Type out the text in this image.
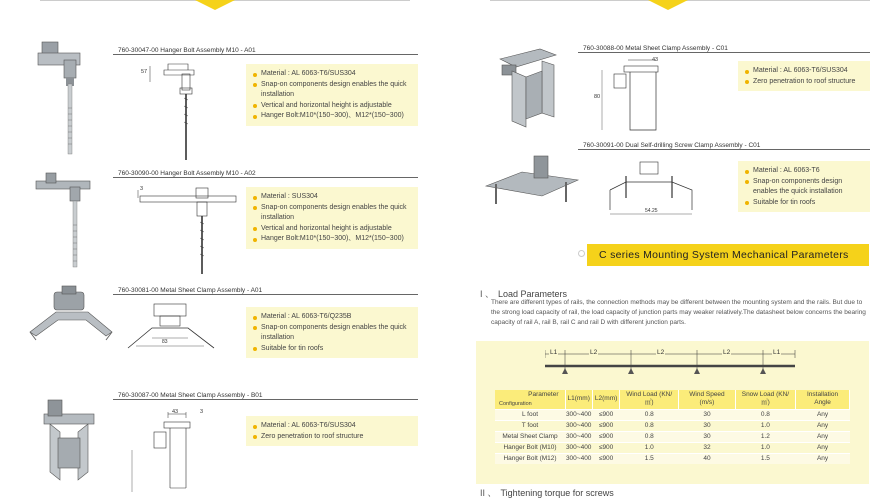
57
760-30047-00 Hanger Bolt Assembly M10 - A01
Material : AL 6063-T6/SUS304
Snap-on components design enables the quick installation
Vertical and horizontal height is adjustable
Hanger Bolt:M10*(150~300)、M12*(150~300)
3
760-30090-00 Hanger Bolt Assembly M10 - A02
Material : SUS304
Snap-on components design enables the quick installation
Vertical and horizontal height is adjustable
Hanger Bolt:M10*(150~300)、M12*(150~300)
83
760-30081-00 Metal Sheet Clamp Assembly - A01
Material : AL 6063-T6/Q235B
Snap-on components design enables the quick installation
Suitable for tin roofs
43	3
760-30087-00 Metal Sheet Clamp Assembly - B01
Material : AL 6063-T6/SUS304
Zero penetration to roof structure
43
80
760-30088-00 Metal Sheet Clamp Assembly - C01
Material : AL 6063-T6/SUS304
Zero penetration to roof structure
54.25
760-30091-00 Dual Self-drilling Screw Clamp Assembly - C01
Material : AL 6063-T6
Snap-on components design enables the quick installation
Suitable for tin roofs
C series Mounting System Mechanical Parameters
I 、 Load Parameters
There are different types of rails, the connection methods may be different between the mounting system and the rails. But due to the strong load capacity of rail, the load capacity of junction parts may weaker relatively.The datasheet below concerns the bearing capacity of rail A, rail B, rail C and rail D with different junction parts.
L1	L2	L2	L2	L1
Parameter
Configuration	L1(mm)	L2(mm)	Wind Load (KN/㎡)	Wind Speed (m/s)	Snow Load (KN/㎡)	Installation Angle
L foot	300~400	≤900	0.8	30	0.8	Any
T foot	300~400	≤900	0.8	30	1.0	Any
Metal Sheet Clamp	300~400	≤900	0.8	30	1.2	Any
Hanger Bolt (M10)	300~400	≤900	1.0	32	1.0	Any
Hanger Bolt (M12)	300~400	≤900	1.5	40	1.5	Any
II 、 Tightening torque for screws
